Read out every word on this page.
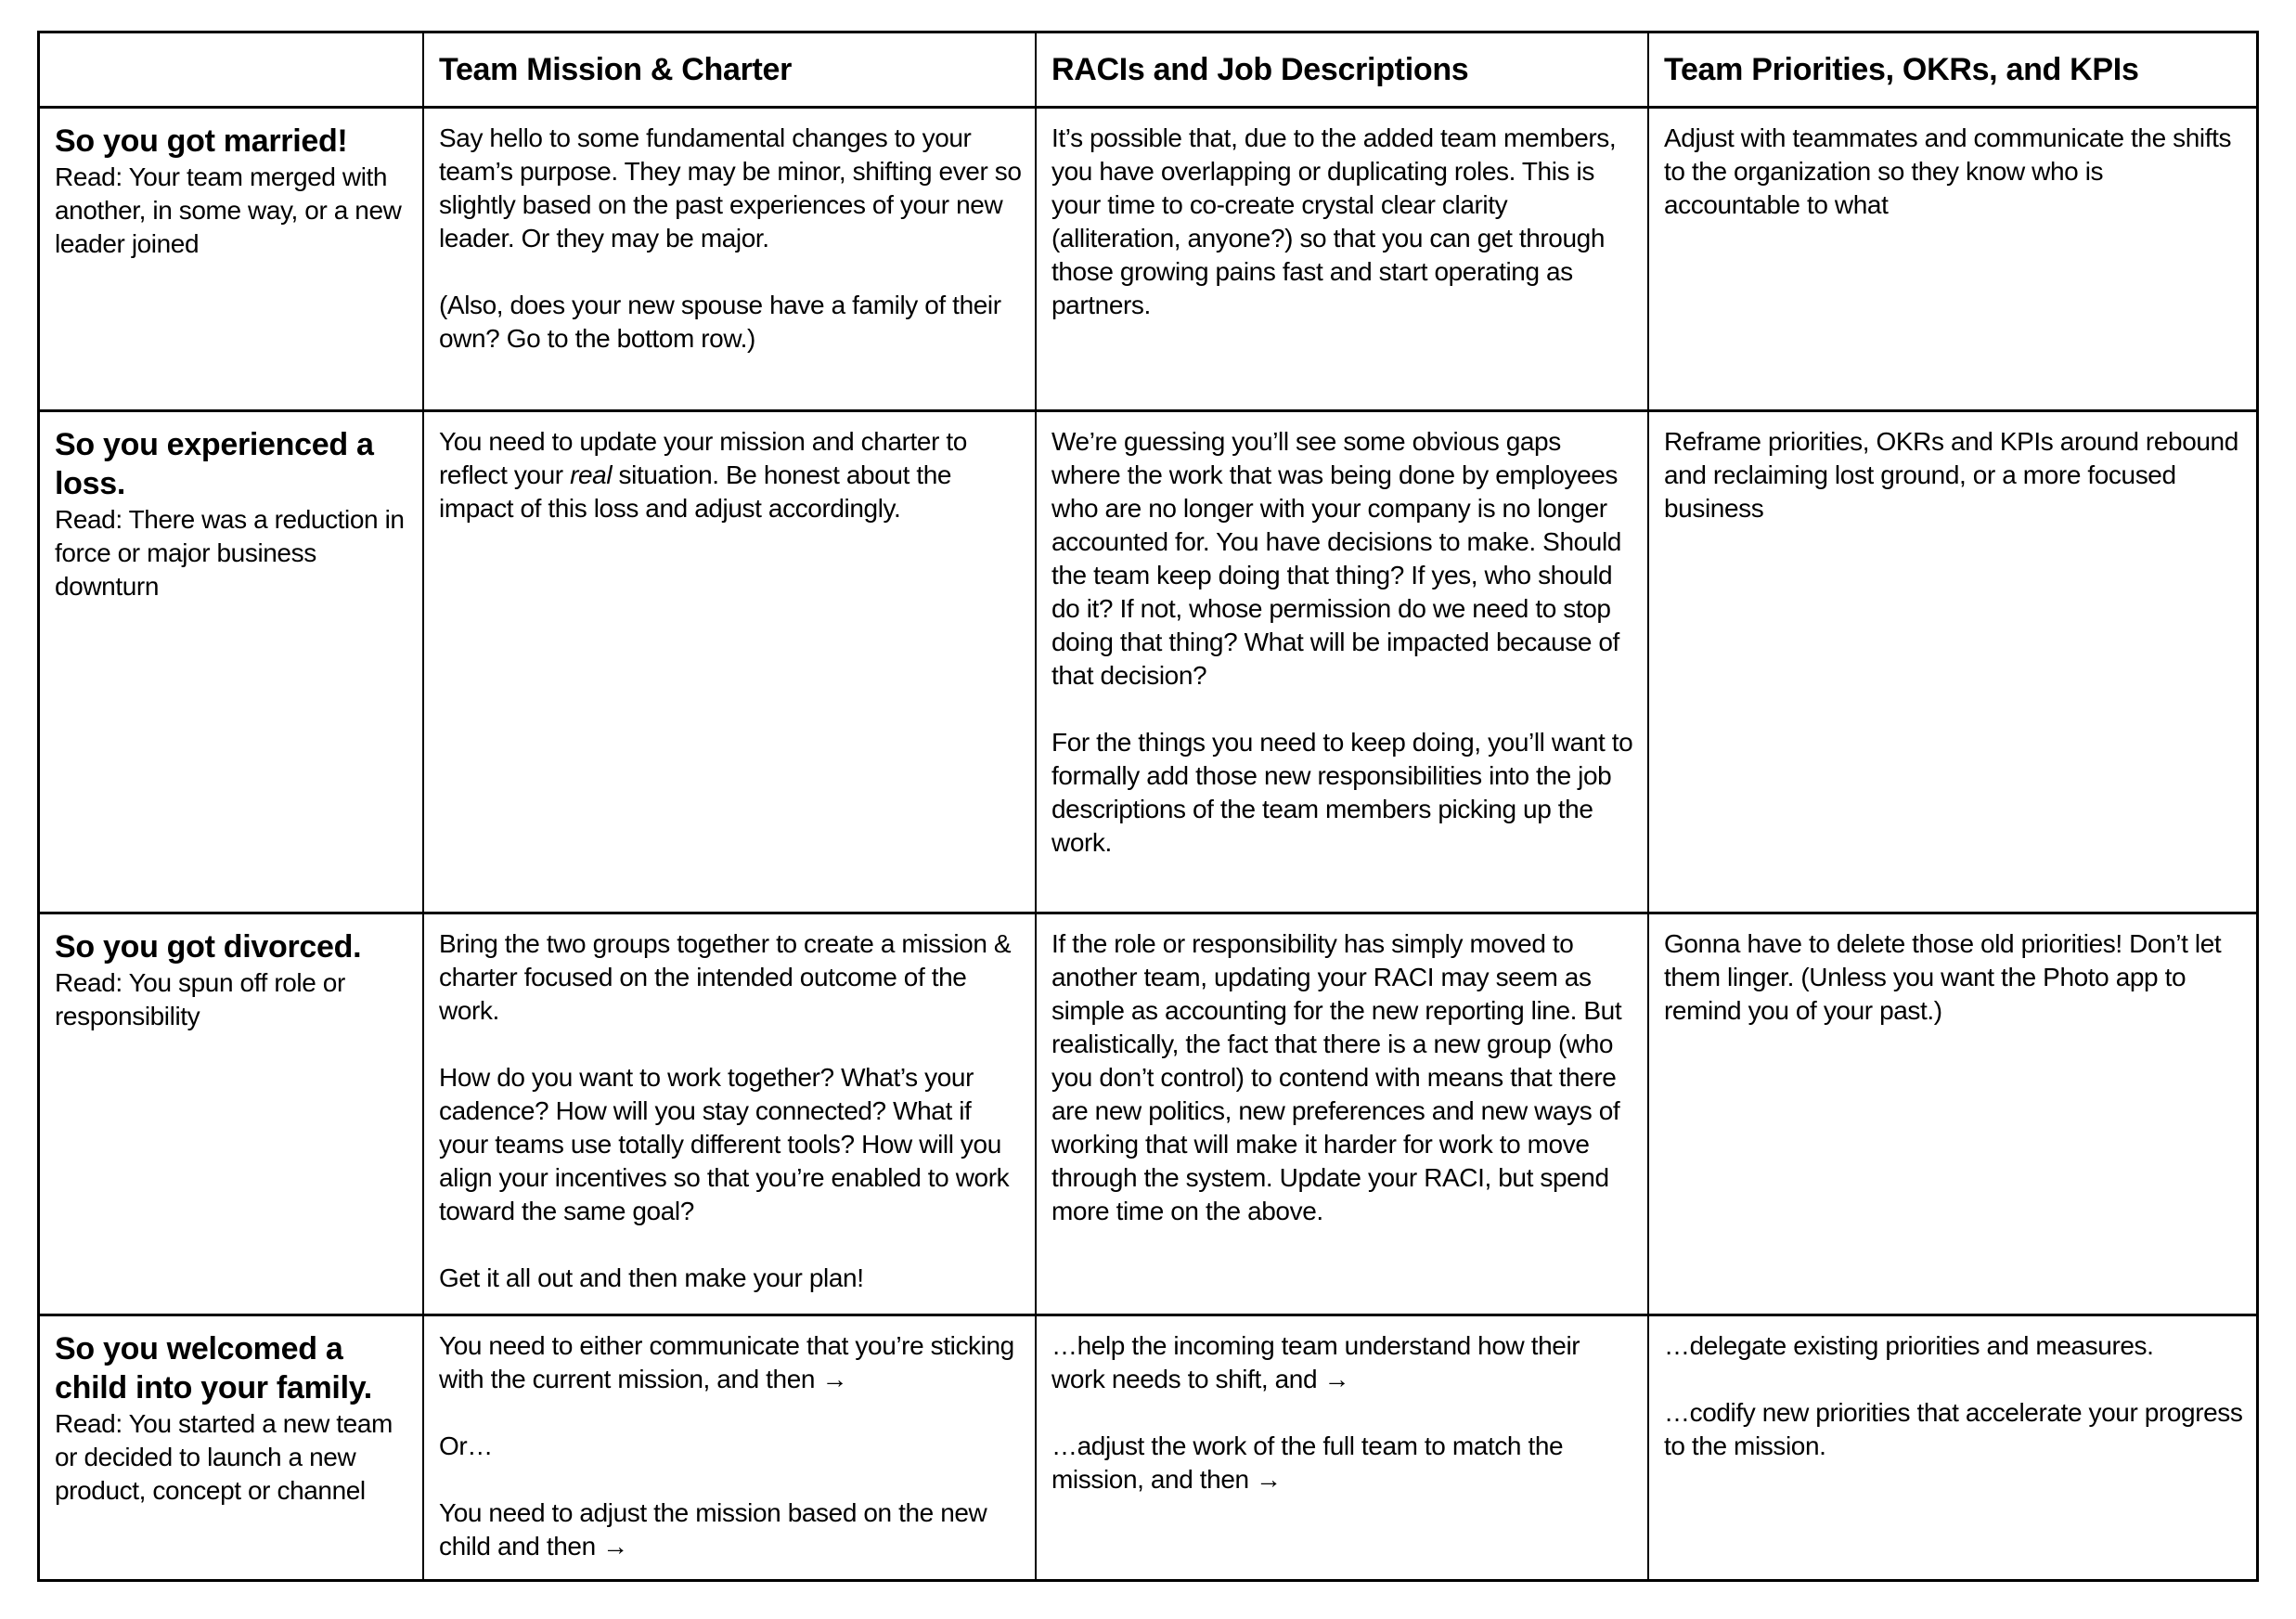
Team Mission & Charter	RACIs and Job Descriptions	Team Priorities, OKRs, and KPIs

So you got married!

Read: Your team merged with another, in some way, or a new leader joined

Say hello to some fundamental changes to your team’s purpose. They may be minor, shifting ever so slightly based on the past experiences of your new leader. Or they may be major.

(Also, does your new spouse have a family of their own? Go to the bottom row.)

It’s possible that, due to the added team members, you have overlapping or duplicating roles. This is your time to co-create crystal clear clarity (alliteration, anyone?) so that you can get through those growing pains fast and start operating as partners.

Adjust with teammates and communicate the shifts to the organization so they know who is accountable to what

So you experienced a loss.

Read: There was a reduction in force or major business downturn

You need to update your mission and charter to reflect your real situation. Be honest about the impact of this loss and adjust accordingly.

We’re guessing you’ll see some obvious gaps where the work that was being done by employees who are no longer with your company is no longer accounted for. You have decisions to make. Should the team keep doing that thing? If yes, who should do it? If not, whose permission do we need to stop doing that thing? What will be impacted because of that decision?

For the things you need to keep doing, you’ll want to formally add those new responsibilities into the job descriptions of the team members picking up the work.

Reframe priorities, OKRs and KPIs around rebound and reclaiming lost ground, or a more focused business

So you got divorced.

Read: You spun off role or responsibility

Bring the two groups together to create a mission & charter focused on the intended outcome of the work.

How do you want to work together? What’s your cadence? How will you stay connected? What if your teams use totally different tools? How will you align your incentives so that you’re enabled to work toward the same goal?

Get it all out and then make your plan!

If the role or responsibility has simply moved to another team, updating your RACI may seem as simple as accounting for the new reporting line. But realistically, the fact that there is a new group (who you don’t control) to contend with means that there are new politics, new preferences and new ways of working that will make it harder for work to move through the system. Update your RACI, but spend more time on the above.

Gonna have to delete those old priorities! Don’t let them linger. (Unless you want the Photo app to remind you of your past.)

So you welcomed a child into your family.

Read: You started a new team or decided to launch a new product, concept or channel

You need to either communicate that you’re sticking with the current mission, and then →

Or…

You need to adjust the mission based on the new child and then →

…help the incoming team understand how their work needs to shift, and →

…adjust the work of the full team to match the mission, and then →

…delegate existing priorities and measures.

…codify new priorities that accelerate your progress to the mission.
